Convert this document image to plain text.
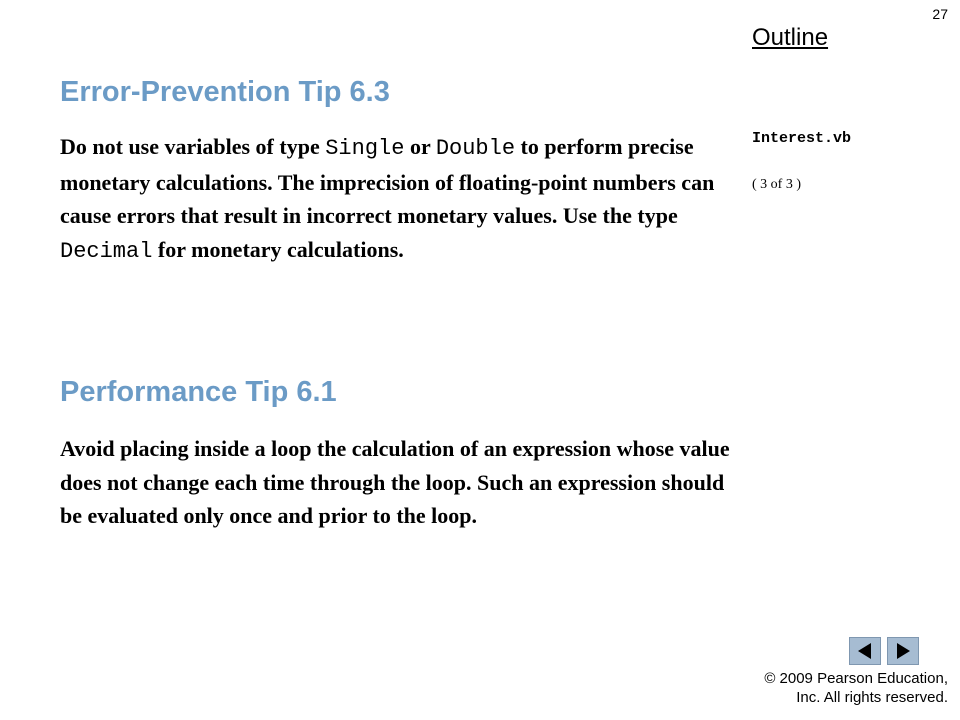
27
Outline
Interest.vb
( 3 of 3 )
Error-Prevention Tip 6.3

Do not use variables of type Single or Double to perform precise monetary calculations. The imprecision of floating-point numbers can cause errors that result in incorrect monetary values. Use the type Decimal for monetary calculations.

Performance Tip 6.1

Avoid placing inside a loop the calculation of an expression whose value does not change each time through the loop. Such an expression should be evaluated only once and prior to the loop.

© 2009 Pearson Education,
Inc. All rights reserved.
